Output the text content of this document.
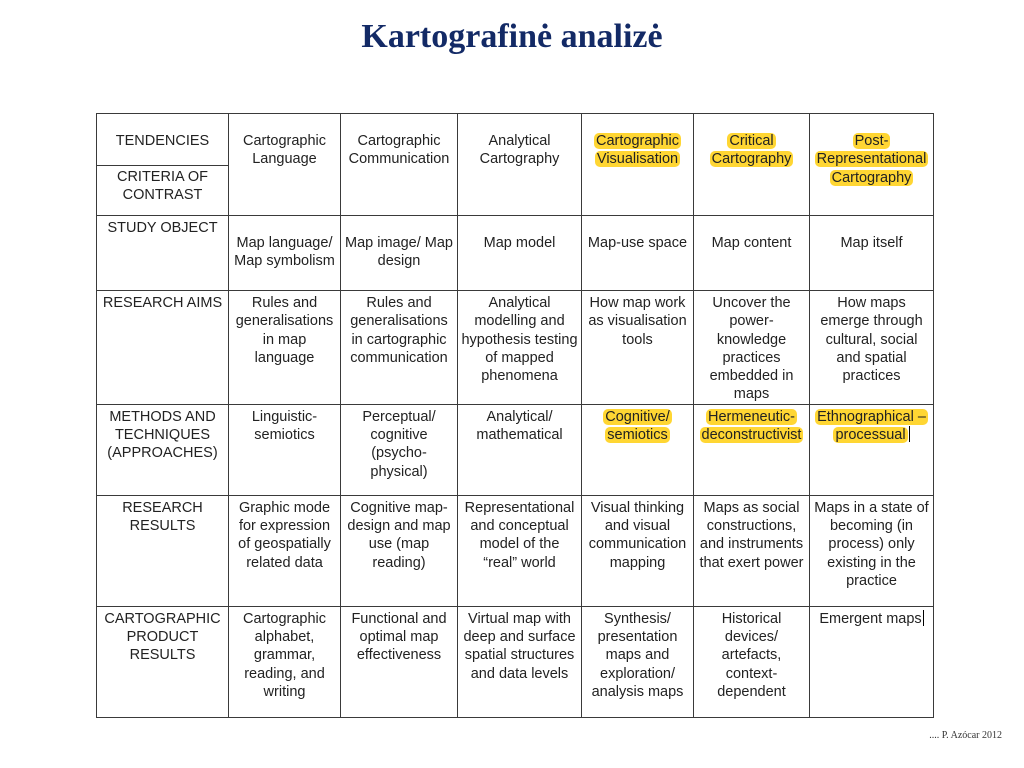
Kartografinė analizė
TENDENCIES
CRITERIA OF CONTRAST	Cartographic Language	Cartographic Communication	Analytical Cartography	Cartographic Visualisation	Critical Cartography	Post-Representational Cartography
STUDY OBJECT	Map language/ Map symbolism	Map image/ Map design	Map model	Map-use space	Map content	Map itself
RESEARCH AIMS	Rules and generalisations in map language	Rules and generalisations in cartographic communication	Analytical modelling and hypothesis testing of mapped phenomena	How map work as visualisation tools	Uncover the power-knowledge practices embedded in maps	How maps emerge through cultural, social and spatial practices
METHODS AND TECHNIQUES (APPROACHES)	Linguistic-semiotics	Perceptual/ cognitive (psycho-physical)	Analytical/ mathematical	Cognitive/ semiotics	Hermeneutic-deconstructivist	Ethnographical – processual
RESEARCH RESULTS	Graphic mode for expression of geospatially related data	Cognitive map-design and map use (map reading)	Representational and conceptual model of the “real” world	Visual thinking and visual communication mapping	Maps as social constructions, and instruments that exert power	Maps in a state of becoming (in process) only existing in the practice
CARTOGRAPHIC PRODUCT RESULTS	Cartographic alphabet, grammar, reading, and writing	Functional and optimal map effectiveness	Virtual map with deep and surface spatial structures and data levels	Synthesis/ presentation maps and exploration/ analysis maps	Historical devices/ artefacts, context-dependent	Emergent maps
.... P. Azócar 2012
